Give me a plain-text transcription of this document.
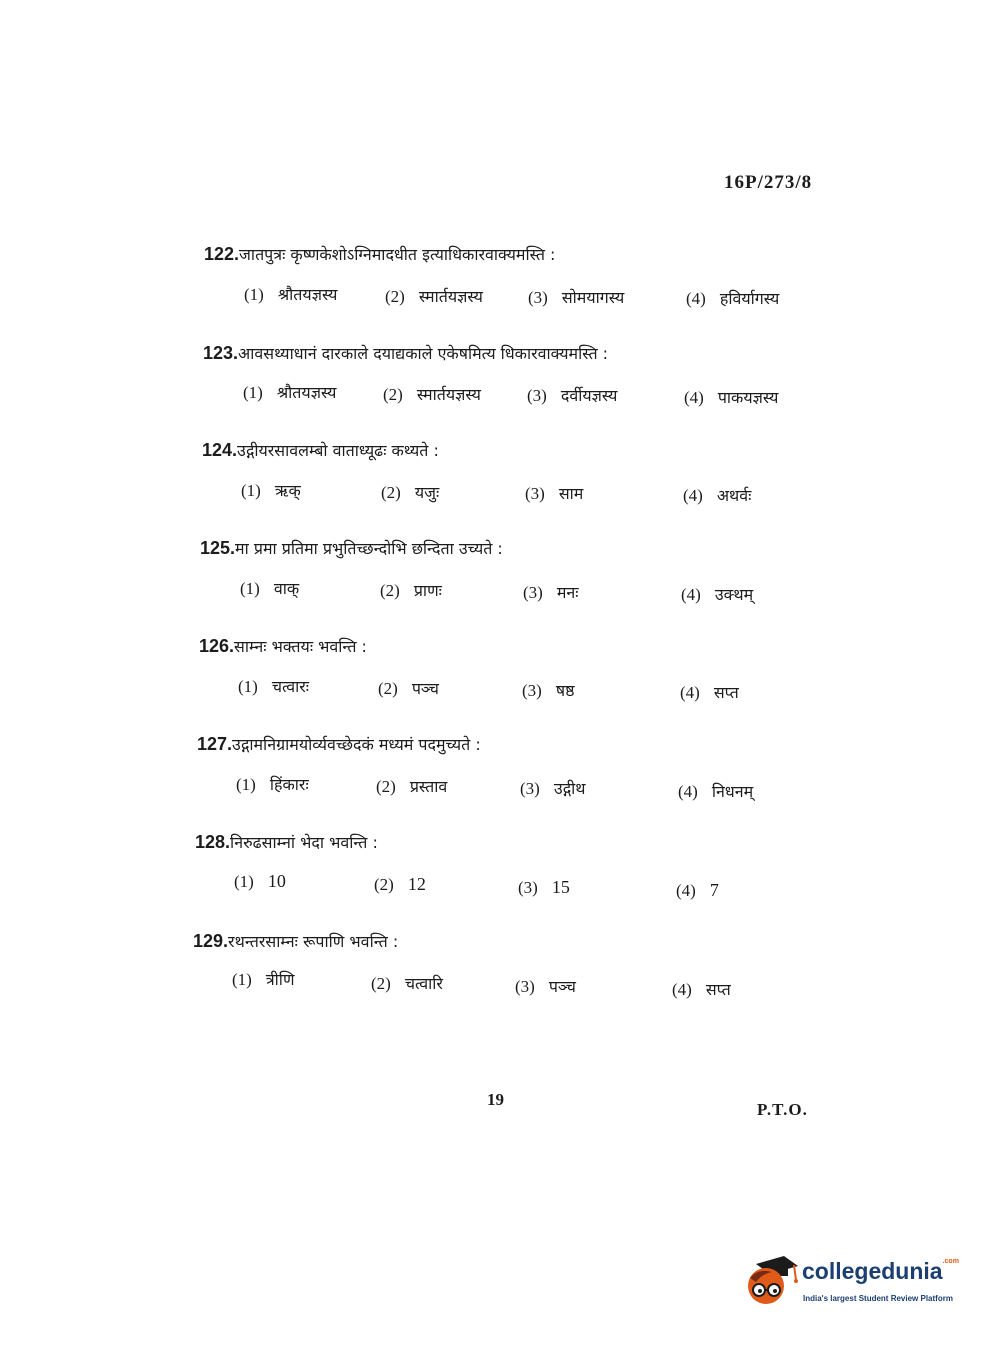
16P/273/8
122.जातपुत्रः कृष्णकेशोऽग्निमादधीत इत्याधिकारवाक्यमस्ति :
(1) श्रौतयज्ञस्य	(2) स्मार्तयज्ञस्य	(3) सोमयागस्य	(4) हविर्यागस्य
123.आवसथ्याधानं दारकाले दयाद्यकाले एकेषमित्य धिकारवाक्यमस्ति :
(1) श्रौतयज्ञस्य	(2) स्मार्तयज्ञस्य	(3) दर्वीयज्ञस्य	(4) पाकयज्ञस्य
124.उद्गीयरसावलम्बो वाताध्यूढः कथ्यते :
(1) ऋक्	(2) यजुः	(3) साम	(4) अथर्वः
125.मा प्रमा प्रतिमा प्रभुतिच्छन्दोभि छन्दिता उच्यते :
(1) वाक्	(2) प्राणः	(3) मनः	(4) उक्थम्
126.साम्नः भक्तयः भवन्ति :
(1) चत्वारः	(2) पञ्च	(3) षष्ठ	(4) सप्त
127.उद्गामनिग्रामयोर्व्यवच्छेदकं मध्यमं पदमुच्यते :
(1) हिंकारः	(2) प्रस्ताव	(3) उद्गीथ	(4) निधनम्
128.निरुढसाम्नां भेदा भवन्ति :
(1) 10	(2) 12	(3) 15	(4) 7
129.रथन्तरसाम्नः रूपाणि भवन्ति :
(1) त्रीणि	(2) चत्वारि	(3) पञ्च	(4) सप्त
19
P.T.O.
collegedunia$^{.com}$
India's largest Student Review Platform
